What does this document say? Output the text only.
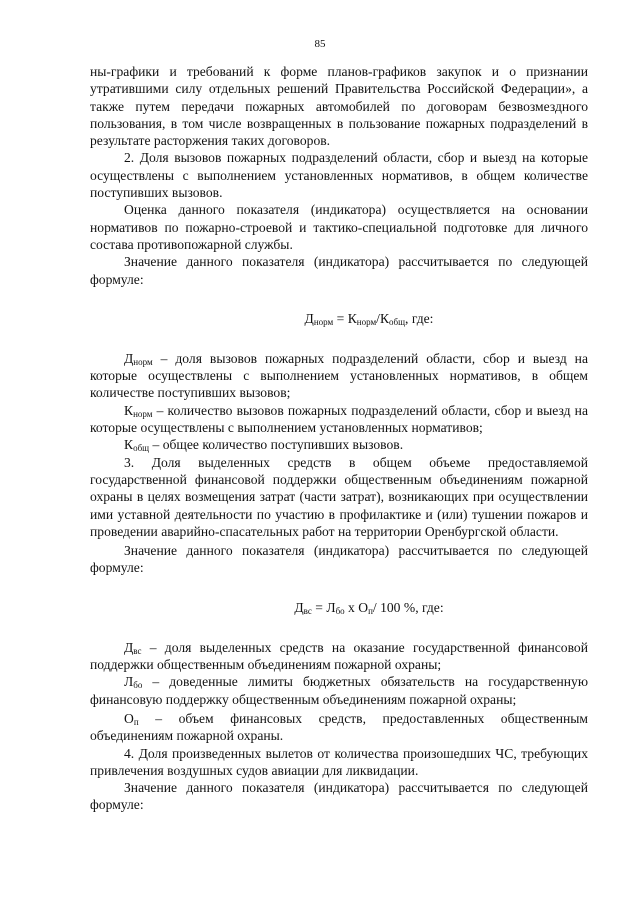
85

ны-графики и требований к форме планов-графиков закупок и о признании утратившими силу отдельных решений Правительства Российской Федерации», а также путем передачи пожарных автомобилей по договорам безвозмездного пользования, в том числе возвращенных в пользование пожарных подразделений в результате расторжения таких договоров.

2. Доля вызовов пожарных подразделений области, сбор и выезд на которые осуществлены с выполнением установленных нормативов, в общем количестве поступивших вызовов.

Оценка данного показателя (индикатора) осуществляется на основании нормативов по пожарно-строевой и тактико-специальной подготовке для личного состава противопожарной службы.

Значение данного показателя (индикатора) рассчитывается по следующей формуле:

$Д_{норм} = К_{норм}/К_{общ}$, где:

$Д_{норм}$ – доля вызовов пожарных подразделений области, сбор и выезд на которые осуществлены с выполнением установленных нормативов, в общем количестве поступивших вызовов;

$К_{норм}$ – количество вызовов пожарных подразделений области, сбор и выезд на которые осуществлены с выполнением установленных нормативов;

$К_{общ}$ – общее количество поступивших вызовов.

3. Доля выделенных средств в общем объеме предоставляемой государственной финансовой поддержки общественным объединениям пожарной охраны в целях возмещения затрат (части затрат), возникающих при осуществлении ими уставной деятельности по участию в профилактике и (или) тушении пожаров и проведении аварийно-спасательных работ на территории Оренбургской области.

Значение данного показателя (индикатора) рассчитывается по следующей формуле:

$Д_{вс} = Л_{бо}$ x $О_п/$ 100 %, где:

$Д_{вс}$ – доля выделенных средств на оказание государственной финансовой поддержки общественным объединениям пожарной охраны;

$Л_{бо}$ – доведенные лимиты бюджетных обязательств на государственную финансовую поддержку общественным объединениям пожарной охраны;

$О_п$ – объем финансовых средств, предоставленных общественным объединениям пожарной охраны.

4. Доля произведенных вылетов от количества произошедших ЧС, требующих привлечения воздушных судов авиации для ликвидации.

Значение данного показателя (индикатора) рассчитывается по следующей формуле:
